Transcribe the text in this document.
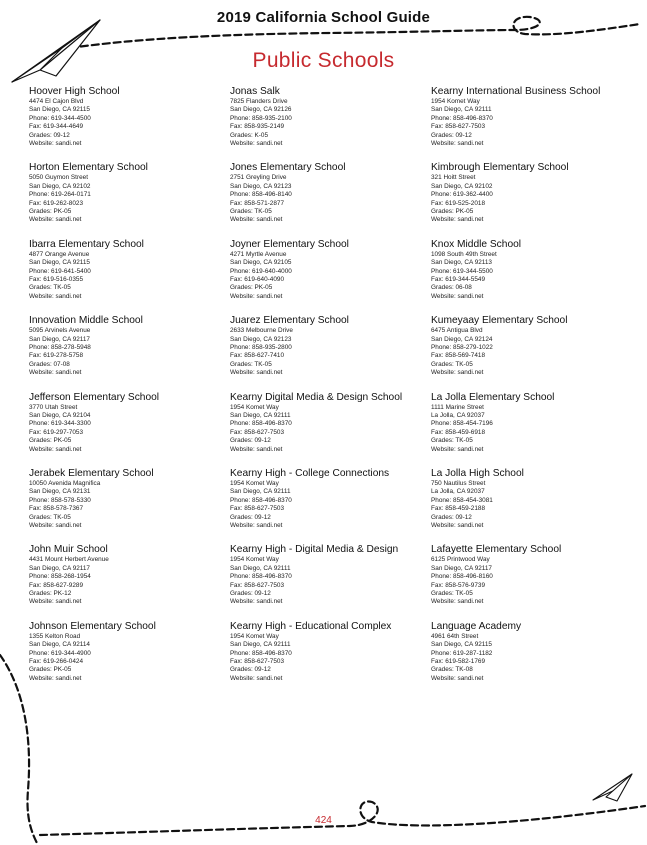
2019 California School Guide
Public Schools
Hoover High School
4474 El Cajon Blvd
San Diego, CA 92115
Phone: 619-344-4500
Fax: 619-344-4649
Grades: 09-12
Website: sandi.net
Horton Elementary School
5050 Guymon Street
San Diego, CA 92102
Phone: 619-264-0171
Fax: 619-262-8023
Grades: PK-05
Website: sandi.net
Ibarra Elementary School
4877 Orange Avenue
San Diego, CA 92115
Phone: 619-641-5400
Fax: 619-516-0355
Grades: TK-05
Website: sandi.net
Innovation Middle School
5095 Arvinels Avenue
San Diego, CA 92117
Phone: 858-278-5948
Fax: 619-278-5758
Grades: 07-08
Website: sandi.net
Jefferson Elementary School
3770 Utah Street
San Diego, CA 92104
Phone: 619-344-3300
Fax: 619-297-7053
Grades: PK-05
Website: sandi.net
Jerabek Elementary School
10050 Avenida Magnifica
San Diego, CA 92131
Phone: 858-578-5330
Fax: 858-578-7367
Grades: TK-05
Website: sandi.net
John Muir School
4431 Mount Herbert Avenue
San Diego, CA 92117
Phone: 858-268-1954
Fax: 858-627-9289
Grades: PK-12
Website: sandi.net
Johnson Elementary School
1355 Kelton Road
San Diego, CA 92114
Phone: 619-344-4900
Fax: 619-266-0424
Grades: PK-05
Website: sandi.net
Jonas Salk
7825 Flanders Drive
San Diego, CA 92126
Phone: 858-935-2100
Fax: 858-935-2149
Grades: K-05
Website: sandi.net
Jones Elementary School
2751 Greyling Drive
San Diego, CA 92123
Phone: 858-496-8140
Fax: 858-571-2877
Grades: TK-05
Website: sandi.net
Joyner Elementary School
4271 Myrtle Avenue
San Diego, CA 92105
Phone: 619-640-4000
Fax: 619-640-4090
Grades: PK-05
Website: sandi.net
Juarez Elementary School
2633 Melbourne Drive
San Diego, CA 92123
Phone: 858-935-2800
Fax: 858-627-7410
Grades: TK-05
Website: sandi.net
Kearny Digital Media & Design School
1954 Komet Way
San Diego, CA 92111
Phone: 858-496-8370
Fax: 858-627-7503
Grades: 09-12
Website: sandi.net
Kearny High - College Connections
1954 Komet Way
San Diego, CA 92111
Phone: 858-496-8370
Fax: 858-627-7503
Grades: 09-12
Website: sandi.net
Kearny High - Digital Media & Design
1954 Komet Way
San Diego, CA 92111
Phone: 858-496-8370
Fax: 858-627-7503
Grades: 09-12
Website: sandi.net
Kearny High - Educational Complex
1954 Komet Way
San Diego, CA 92111
Phone: 858-496-8370
Fax: 858-627-7503
Grades: 09-12
Website: sandi.net
Kearny International Business School
1954 Komet Way
San Diego, CA 92111
Phone: 858-496-8370
Fax: 858-627-7503
Grades: 09-12
Website: sandi.net
Kimbrough Elementary School
321 Hoitt Street
San Diego, CA 92102
Phone: 619-362-4400
Fax: 619-525-2018
Grades: PK-05
Website: sandi.net
Knox Middle School
1098 South 49th Street
San Diego, CA 92113
Phone: 619-344-5500
Fax: 619-344-5549
Grades: 06-08
Website: sandi.net
Kumeyaay Elementary School
6475 Antigua Blvd
San Diego, CA 92124
Phone: 858-279-1022
Fax: 858-569-7418
Grades: TK-05
Website: sandi.net
La Jolla Elementary School
1111 Marine Street
La Jolla, CA 92037
Phone: 858-454-7196
Fax: 858-459-6918
Grades: TK-05
Website: sandi.net
La Jolla High School
750 Nautilus Street
La Jolla, CA 92037
Phone: 858-454-3081
Fax: 858-459-2188
Grades: 09-12
Website: sandi.net
Lafayette Elementary School
6125 Printwood Way
San Diego, CA 92117
Phone: 858-496-8160
Fax: 858-576-9739
Grades: TK-05
Website: sandi.net
Language Academy
4961 64th Street
San Diego, CA 92115
Phone: 619-287-1182
Fax: 619-582-1769
Grades: TK-08
Website: sandi.net
424
